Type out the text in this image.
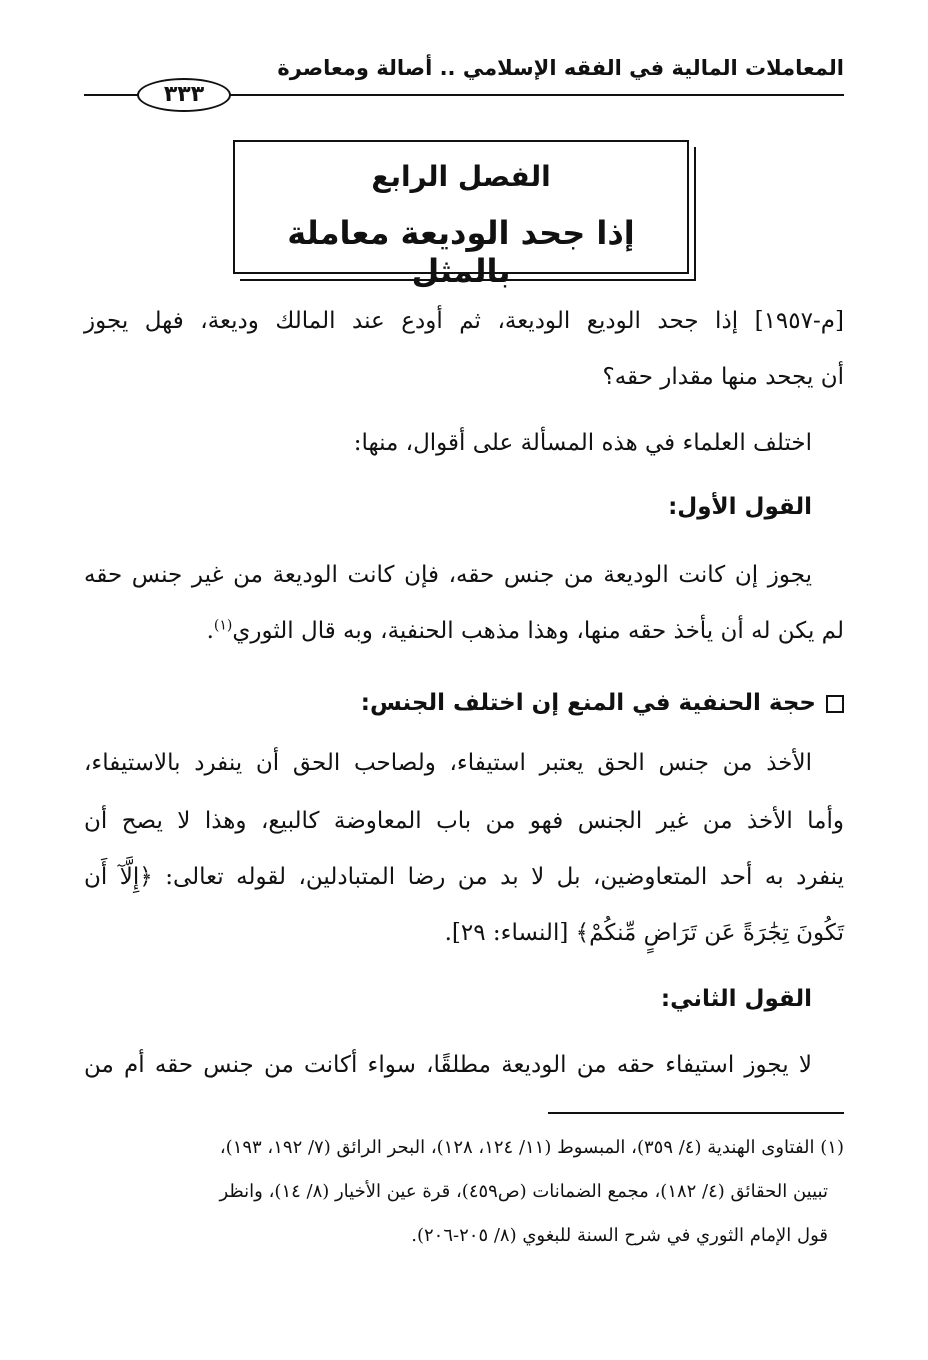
المعاملات المالية في الفقه الإسلامي .. أصالة ومعاصرة
٣٣٣
الفصل الرابع
إذا جحد الوديعة معاملة بالمثل
[م-١٩٥٧] إذا جحد الوديع الوديعة، ثم أودع عند المالك وديعة، فهل يجوز
أن يجحد منها مقدار حقه؟
اختلف العلماء في هذه المسألة على أقوال، منها:
القول الأول:
يجوز إن كانت الوديعة من جنس حقه، فإن كانت الوديعة من غير جنس حقه
لم يكن له أن يأخذ حقه منها، وهذا مذهب الحنفية، وبه قال الثوري$^{(١)}$.
حجة الحنفية في المنع إن اختلف الجنس:
الأخذ من جنس الحق يعتبر استيفاء، ولصاحب الحق أن ينفرد بالاستيفاء،
وأما الأخذ من غير الجنس فهو من باب المعاوضة كالبيع، وهذا لا يصح أن
ينفرد به أحد المتعاوضين، بل لا بد من رضا المتبادلين، لقوله تعالى: ﴿إِلَّآ أَن
تَكُونَ تِجَٰرَةً عَن تَرَاضٍ مِّنكُمْ﴾ [النساء: ٢٩].
القول الثاني:
لا يجوز استيفاء حقه من الوديعة مطلقًا، سواء أكانت من جنس حقه أم من
(١) الفتاوى الهندية (٤/ ٣٥٩)، المبسوط (١١/ ١٢٤، ١٢٨)، البحر الرائق (٧/ ١٩٢، ١٩٣)،
تبيين الحقائق (٤/ ١٨٢)، مجمع الضمانات (ص٤٥٩)، قرة عين الأخيار (٨/ ١٤)، وانظر
قول الإمام الثوري في شرح السنة للبغوي (٨/ ٢٠٥-٢٠٦).
